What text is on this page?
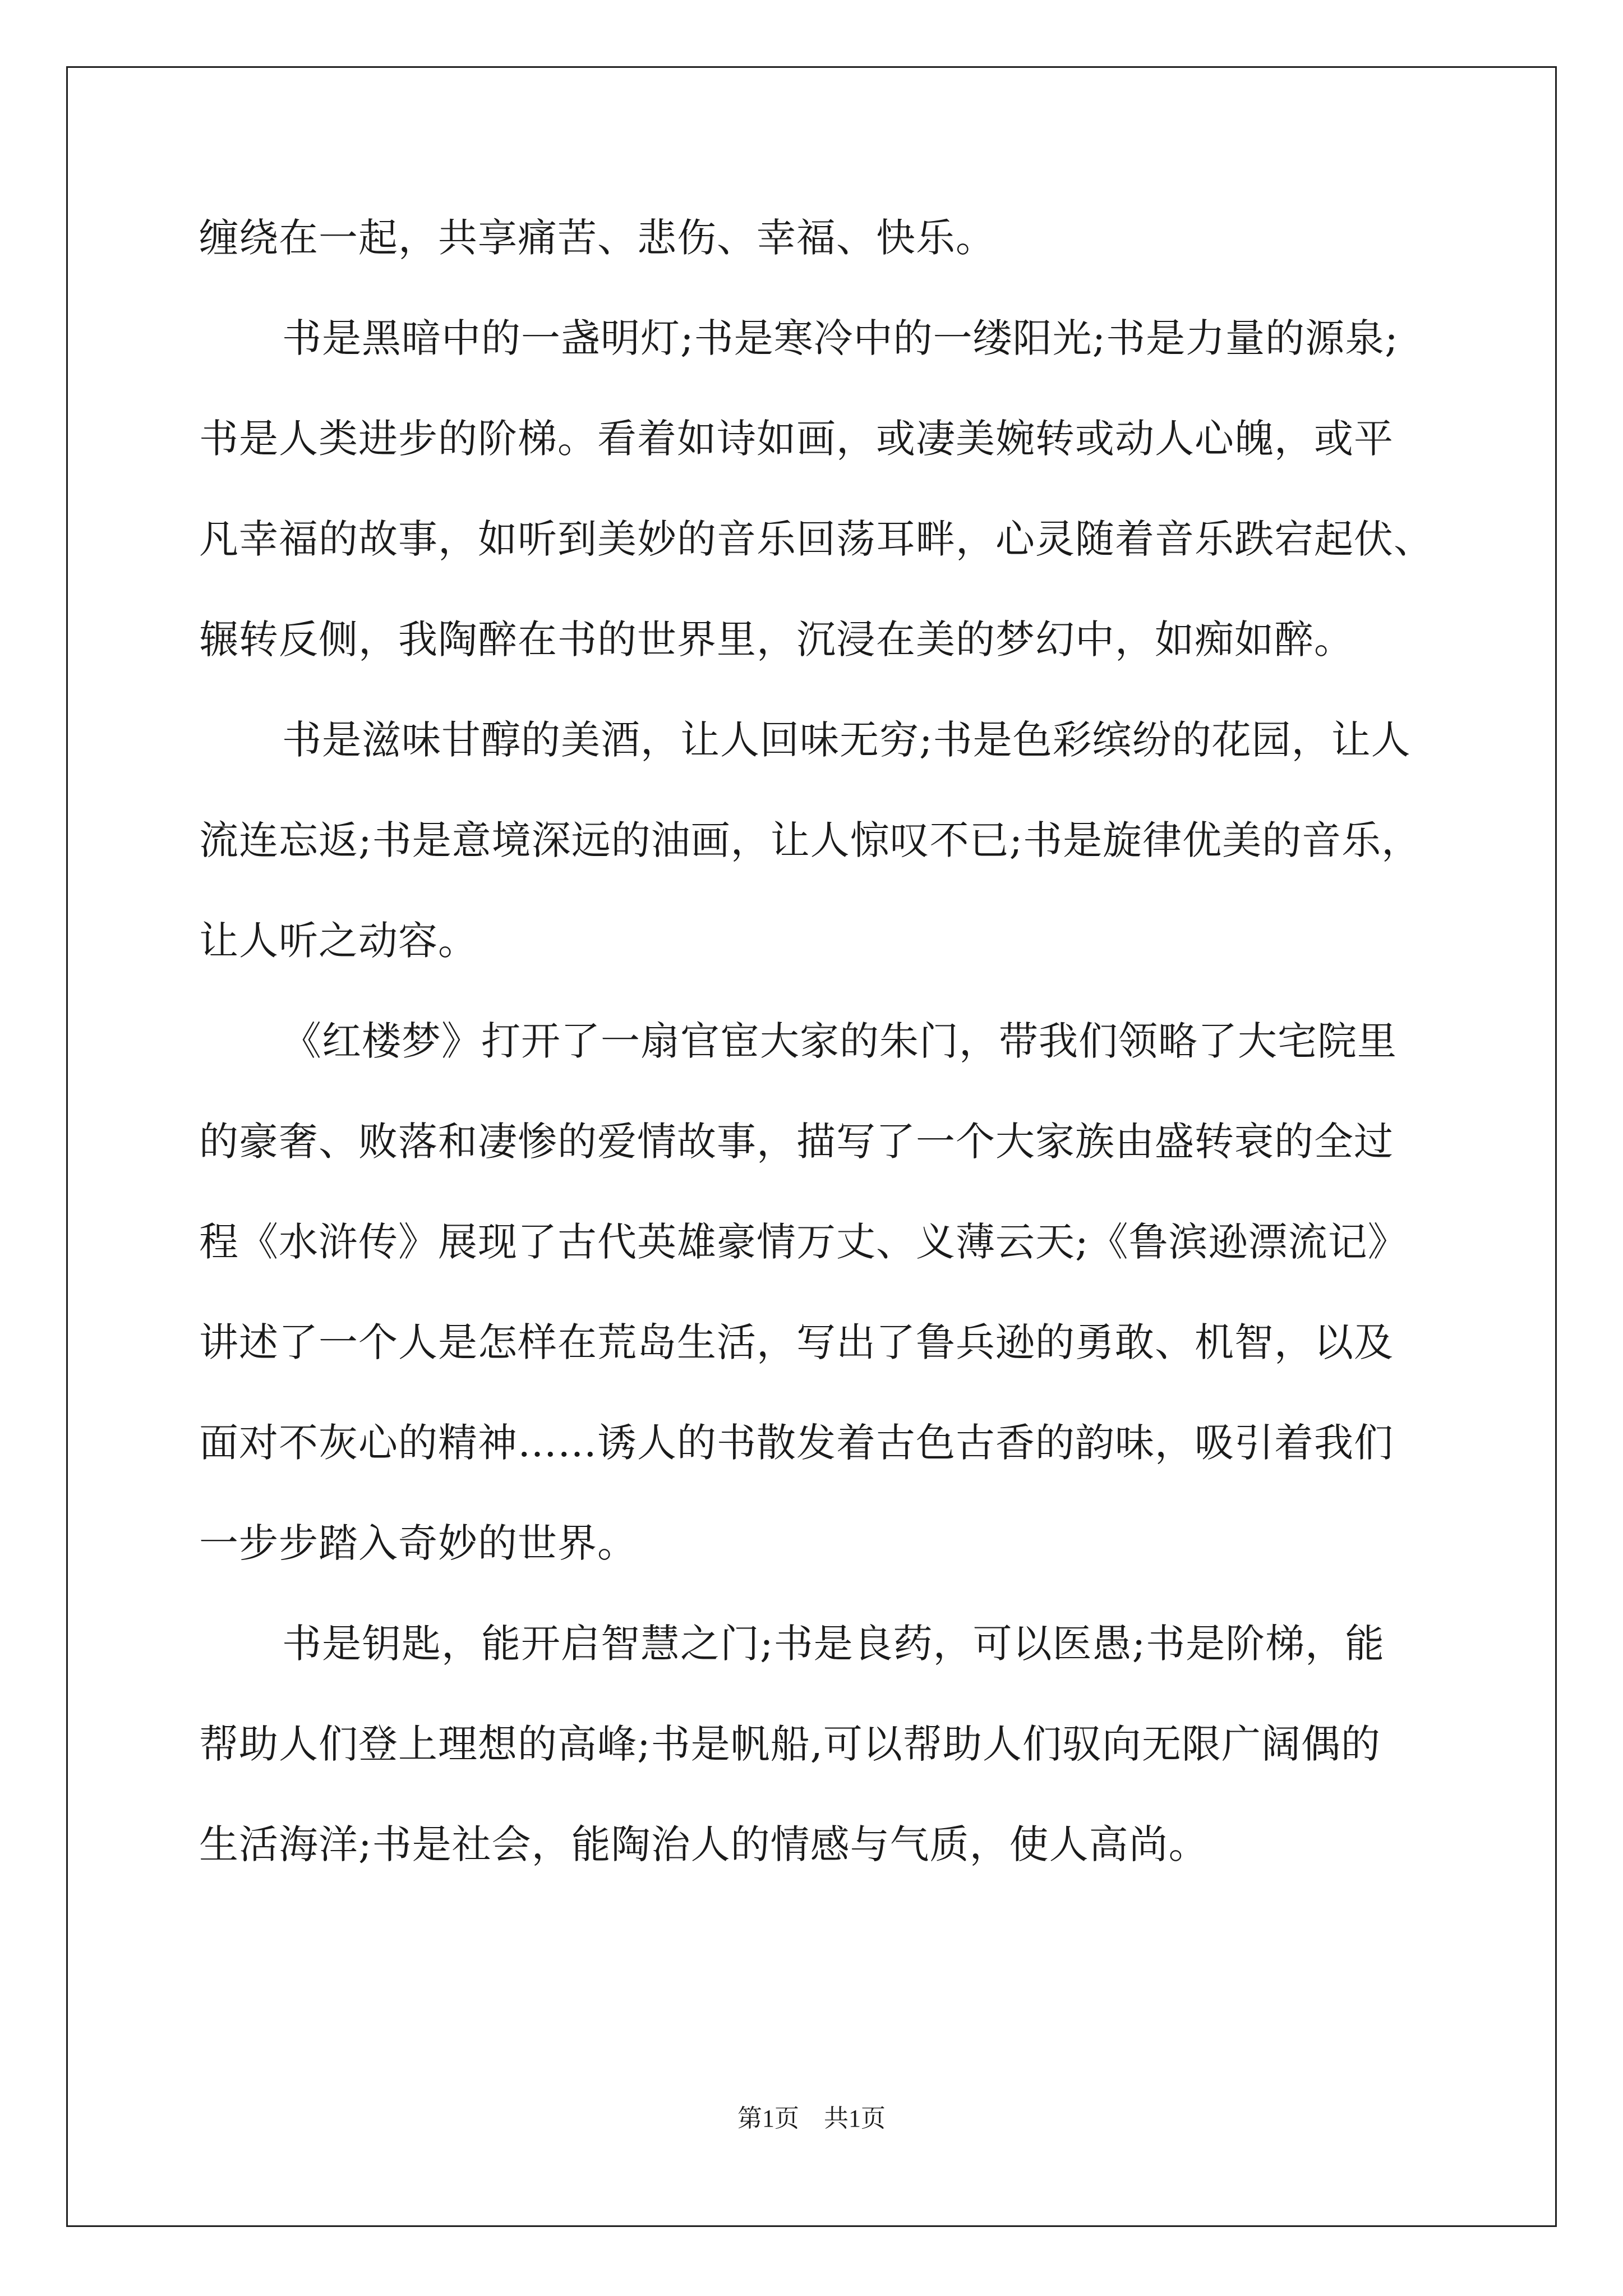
缠绕在一起，共享痛苦、悲伤、幸福、快乐。
书是黑暗中的一盏明灯;书是寒冷中的一缕阳光;书是力量的源泉;
书是人类进步的阶梯。看着如诗如画，或凄美婉转或动人心魄，或平
凡幸福的故事，如听到美妙的音乐回荡耳畔，心灵随着音乐跌宕起伏、
辗转反侧，我陶醉在书的世界里，沉浸在美的梦幻中，如痴如醉。
书是滋味甘醇的美酒，让人回味无穷;书是色彩缤纷的花园，让人
流连忘返;书是意境深远的油画，让人惊叹不已;书是旋律优美的音乐，
让人听之动容。
《红楼梦》打开了一扇官宦大家的朱门，带我们领略了大宅院里
的豪奢、败落和凄惨的爱情故事，描写了一个大家族由盛转衰的全过
程《水浒传》展现了古代英雄豪情万丈、义薄云天;《鲁滨逊漂流记》
讲述了一个人是怎样在荒岛生活，写出了鲁兵逊的勇敢、机智，以及
面对不灰心的精神……诱人的书散发着古色古香的韵味，吸引着我们
一步步踏入奇妙的世界。
书是钥匙，能开启智慧之门;书是良药，可以医愚;书是阶梯，能
帮助人们登上理想的高峰;书是帆船,可以帮助人们驭向无限广阔偶的
生活海洋;书是社会，能陶治人的情感与气质，使人高尚。
第1页　共1页
